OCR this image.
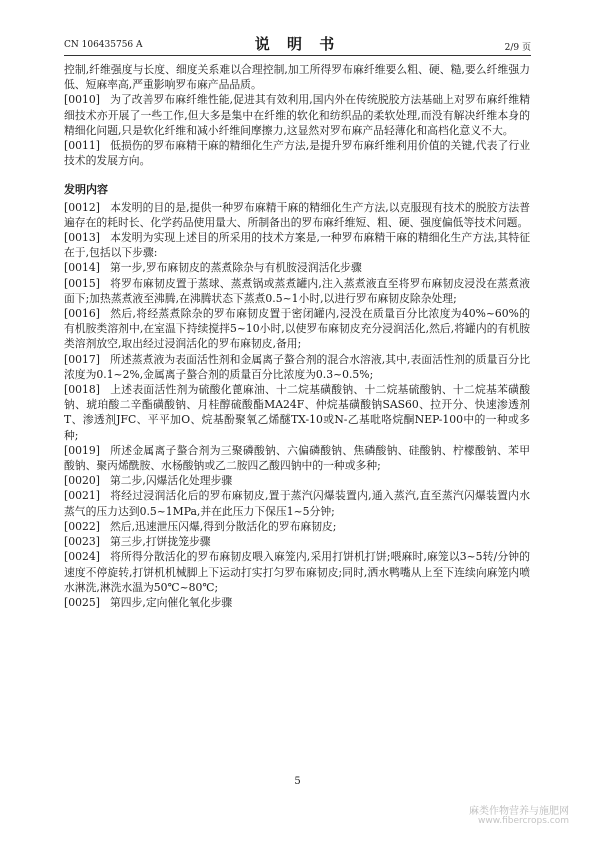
CN 106435756 A	说 明 书	2/9 页

控制,纤维强度与长度、细度关系难以合理控制,加工所得罗布麻纤维要么粗、硬、糙,要么纤维强力低、短麻率高,严重影响罗布麻产品品质。

[0010] 为了改善罗布麻纤维性能,促进其有效利用,国内外在传统脱胶方法基础上对罗布麻纤维精细技术亦开展了一些工作,但大多是集中在纤维的软化和纺织品的柔软处理,而没有解决纤维本身的精细化问题,只是软化纤维和减小纤维间摩擦力,这显然对罗布麻产品轻薄化和高档化意义不大。

[0011] 低损伤的罗布麻精干麻的精细化生产方法,是提升罗布麻纤维利用价值的关键,代表了行业技术的发展方向。

发明内容

[0012] 本发明的目的是,提供一种罗布麻精干麻的精细化生产方法,以克服现有技术的脱胶方法普遍存在的耗时长、化学药品使用量大、所制备出的罗布麻纤维短、粗、硬、强度偏低等技术问题。

[0013] 本发明为实现上述目的所采用的技术方案是,一种罗布麻精干麻的精细化生产方法,其特征在于,包括以下步骤:

[0014] 第一步,罗布麻韧皮的蒸煮除杂与有机胺浸润活化步骤

[0015] 将罗布麻韧皮置于蒸球、蒸煮锅或蒸煮罐内,注入蒸煮液直至将罗布麻韧皮浸没在蒸煮液面下;加热蒸煮液至沸腾,在沸腾状态下蒸煮0.5~1小时,以进行罗布麻韧皮除杂处理;

[0016] 然后,将经蒸煮除杂的罗布麻韧皮置于密闭罐内,浸没在质量百分比浓度为40%~60%的有机胺类溶剂中,在室温下持续搅拌5~10小时,以使罗布麻韧皮充分浸润活化,然后,将罐内的有机胺类溶剂放空,取出经过浸润活化的罗布麻韧皮,备用;

[0017] 所述蒸煮液为表面活性剂和金属离子螯合剂的混合水溶液,其中,表面活性剂的质量百分比浓度为0.1~2%,金属离子螯合剂的质量百分比浓度为0.3~0.5%;

[0018] 上述表面活性剂为硫酸化蓖麻油、十二烷基磺酸钠、十二烷基硫酸钠、十二烷基苯磺酸钠、琥珀酸二辛酯磺酸钠、月桂醇硫酸酯MA24F、仲烷基磺酸钠SAS60、拉开分、快速渗透剂T、渗透剂JFC、平平加O、烷基酚聚氧乙烯醚TX-10或N-乙基吡咯烷酮NEP-100中的一种或多种;

[0019] 所述金属离子螯合剂为三聚磷酸钠、六偏磷酸钠、焦磷酸钠、硅酸钠、柠檬酸钠、苯甲酸钠、聚丙烯酰胺、水杨酸钠或乙二胺四乙酸四钠中的一种或多种;

[0020] 第二步,闪爆活化处理步骤

[0021] 将经过浸润活化后的罗布麻韧皮,置于蒸汽闪爆装置内,通入蒸汽,直至蒸汽闪爆装置内水蒸气的压力达到0.5~1MPa,并在此压力下保压1~5分钟;

[0022] 然后,迅速泄压闪爆,得到分散活化的罗布麻韧皮;

[0023] 第三步,打饼拢笼步骤

[0024] 将所得分散活化的罗布麻韧皮喂入麻笼内,采用打饼机打饼;喂麻时,麻笼以3~5转/分钟的速度不停旋转,打饼机机械脚上下运动打实打匀罗布麻韧皮;同时,洒水鸭嘴从上至下连续向麻笼内喷水淋洗,淋洗水温为50℃~80℃;

[0025] 第四步,定向催化氧化步骤

5
麻类作物营养与施肥网
www.fibercrops.com
